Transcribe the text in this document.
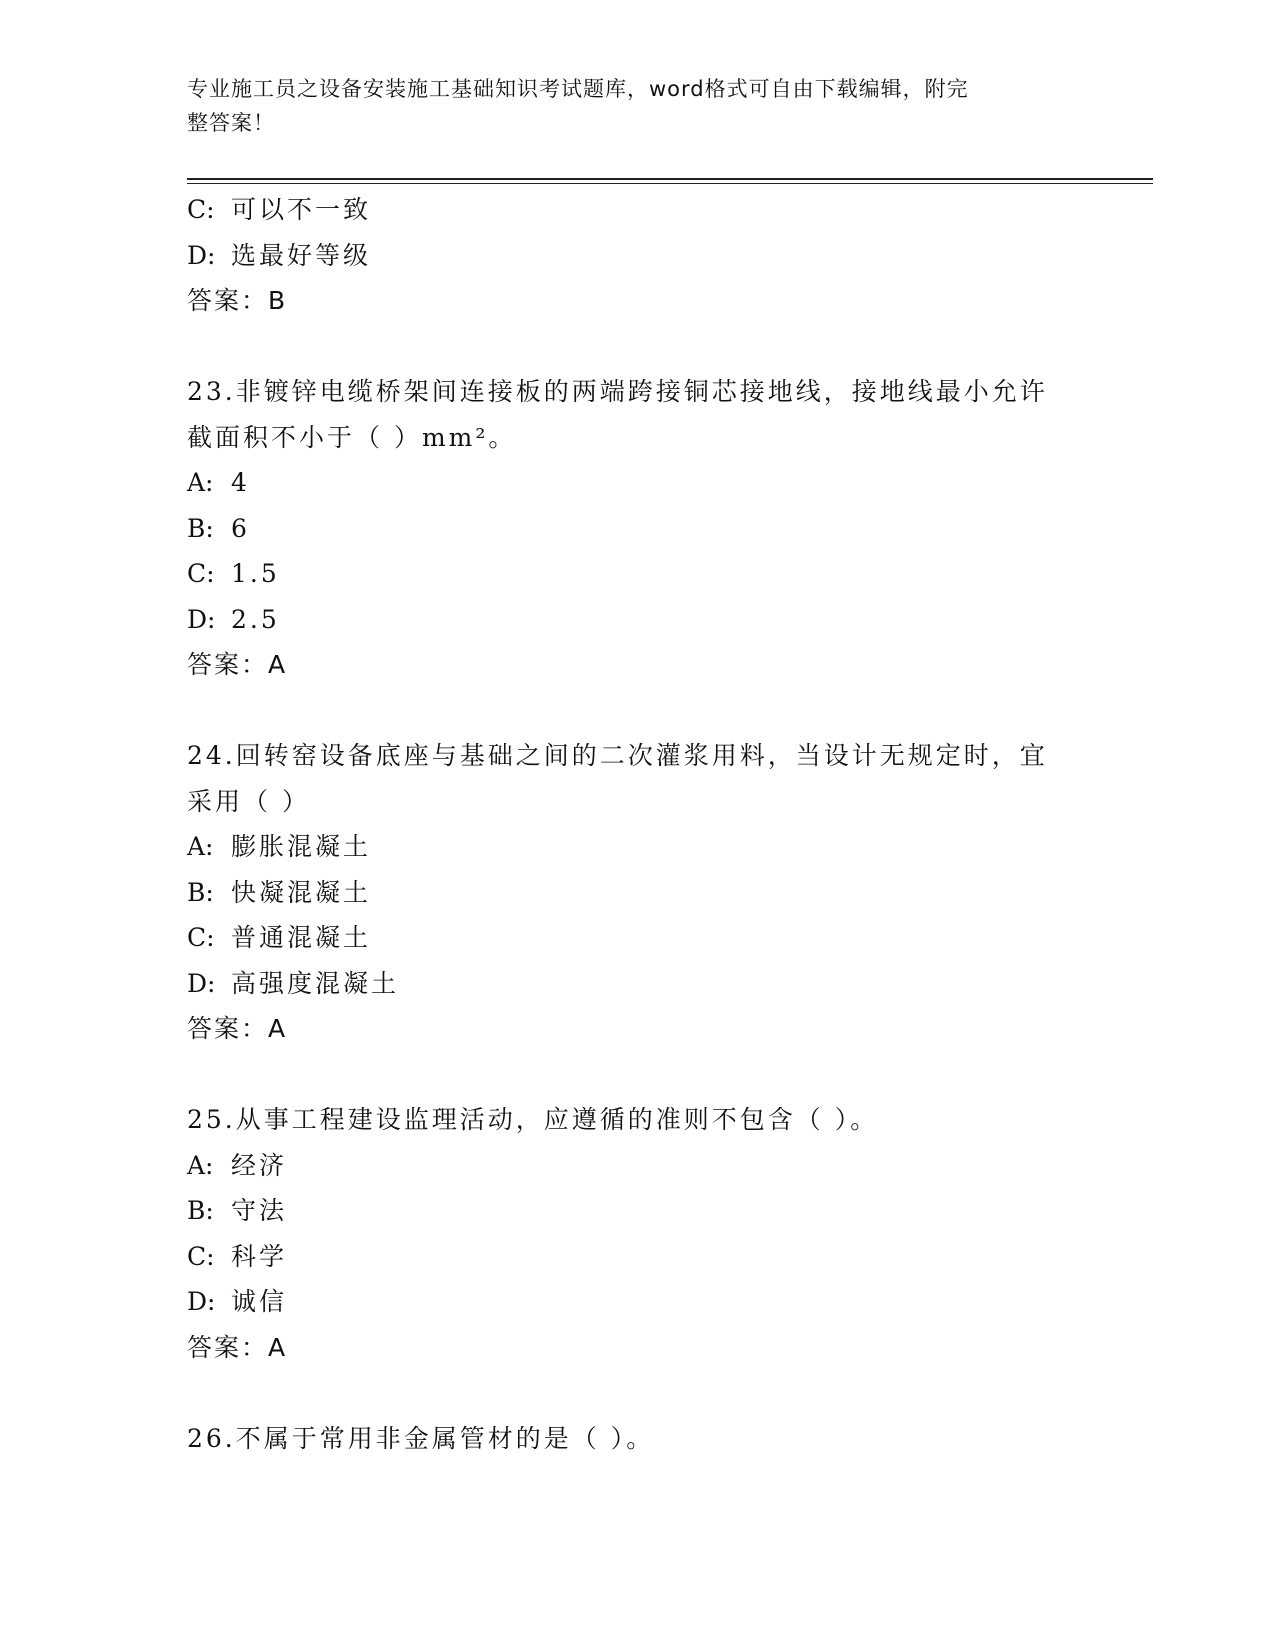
专业施工员之设备安装施工基础知识考试题库，word格式可自由下载编辑，附完
整答案！
C: 可以不一致
D: 选最好等级
答案：B
23.非镀锌电缆桥架间连接板的两端跨接铜芯接地线，接地线最小允许
截面积不小于（ ）mm²。
A: 4
B: 6
C: 1.5
D: 2.5
答案：A
24.回转窑设备底座与基础之间的二次灌浆用料，当设计无规定时，宜
采用（ ）
A: 膨胀混凝土
B: 快凝混凝土
C: 普通混凝土
D: 高强度混凝土
答案：A
25.从事工程建设监理活动，应遵循的准则不包含（ ）。
A: 经济
B: 守法
C: 科学
D: 诚信
答案：A
26.不属于常用非金属管材的是（ ）。
